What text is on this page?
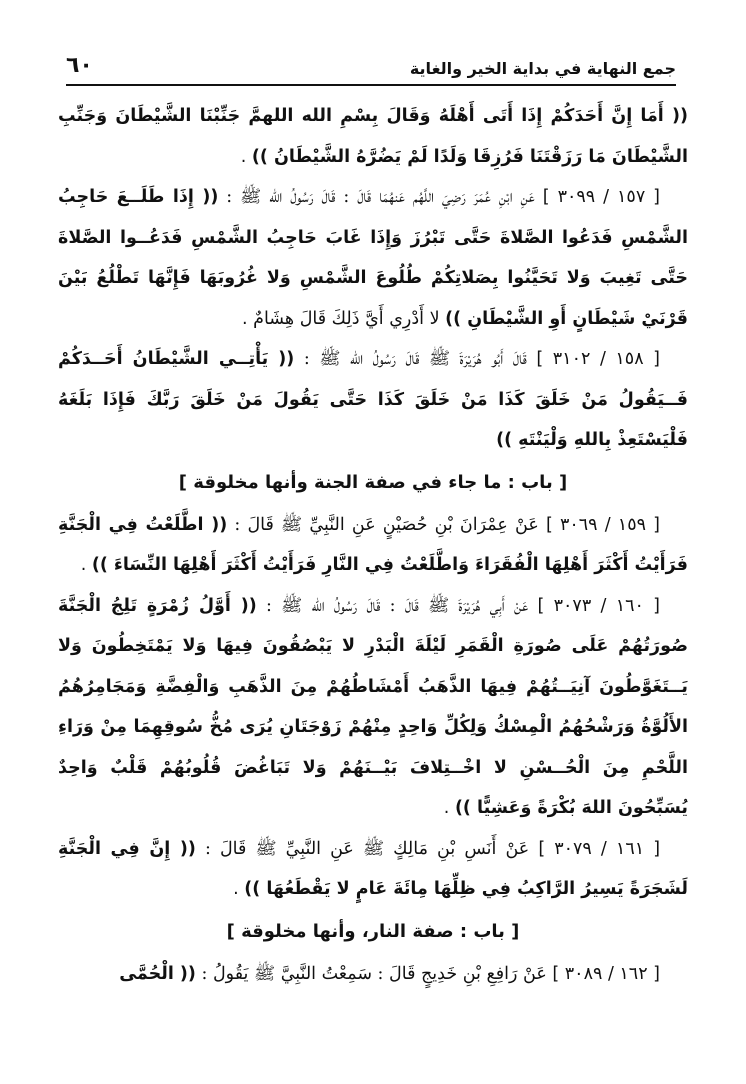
جمع النهاية في بداية الخير والغاية
٦٠

(( أَمَا إِنَّ أَحَدَكُمْ إِذَا أَتَى أَهْلَهُ وَقَالَ بِسْمِ الله اللهمَّ جَنِّبْنَا الشَّيْطَانَ وَجَنِّبِ الشَّيْطَانَ مَا رَزَقْتَنَا فَرُزِقَا وَلَدًا لَمْ يَضُرَّهُ الشَّيْطَانُ )) .

[ ١٥٧ / ٣٠٩٩ ] عَنِ ابْنِ عُمَرَ رَضِيَ اللَّهُم عَنهُمَا قَالَ : قَالَ رَسُولُ الله ﷺ : (( إِذَا طَلَــعَ حَاجِبُ الشَّمْسِ فَدَعُوا الصَّلاةَ حَتَّى تَبْرُزَ وَإِذَا غَابَ حَاجِبُ الشَّمْسِ فَدَعُــوا الصَّلاةَ حَتَّى تَغِيبَ وَلا تَحَيَّنُوا بِصَلاتِكُمْ طُلُوعَ الشَّمْسِ وَلا غُرُوبَهَا فَإِنَّهَا تَطْلُعُ بَيْنَ قَرْنَيْ شَيْطَانٍ أَوِ الشَّيْطَانِ )) لا أَدْرِي أَيَّ ذَلِكَ قَالَ هِشَامٌ .

[ ١٥٨ / ٣١٠٢ ] قَالَ أَبُو هُرَيْرَةَ ﷺ قَالَ رَسُولُ الله ﷺ : (( يَأْتِــي الشَّيْطَانُ أَحَــدَكُمْ فَــيَقُولُ مَنْ خَلَقَ كَذَا مَنْ خَلَقَ كَذَا حَتَّى يَقُولَ مَنْ خَلَقَ رَبَّكَ فَإِذَا بَلَغَهُ فَلْيَسْتَعِذْ بِاللهِ وَلْيَنْتَهِ ))

[ باب : ما جاء في صفة الجنة وأنها مخلوقة ]

[ ١٥٩ / ٣٠٦٩ ] عَنْ عِمْرَانَ بْنِ حُصَيْنٍ عَنِ النَّبِيِّ ﷺ قَالَ : (( اطَّلَعْتُ فِي الْجَنَّةِ فَرَأَيْتُ أَكْثَرَ أَهْلِهَا الْفُقَرَاءَ وَاطَّلَعْتُ فِي النَّارِ فَرَأَيْتُ أَكْثَرَ أَهْلِهَا النِّسَاءَ )) .

[ ١٦٠ / ٣٠٧٣ ] عَنْ أَبِي هُرَيْرَةَ ﷺ قَالَ : قَالَ رَسُولُ الله ﷺ : (( أَوَّلُ زُمْرَةٍ تَلِجُ الْجَنَّةَ صُورَتُهُمْ عَلَى صُورَةِ الْقَمَرِ لَيْلَةَ الْبَدْرِ لا يَبْصُقُونَ فِيهَا وَلا يَمْتَخِطُونَ وَلا يَــتَغَوَّطُونَ آنِيَــتُهُمْ فِيهَا الذَّهَبُ أَمْشَاطُهُمْ مِنَ الذَّهَبِ وَالْفِضَّةِ وَمَجَامِرُهُمُ الأَلُوَّةُ وَرَشْحُهُمُ الْمِسْكُ وَلِكُلِّ وَاحِدٍ مِنْهُمْ زَوْجَتَانِ يُرَى مُخُّ سُوقِهِمَا مِنْ وَرَاءِ اللَّحْمِ مِنَ الْحُــسْنِ لا اخْــتِلافَ بَيْــنَهُمْ وَلا تَبَاغُضَ قُلُوبُهُمْ قَلْبٌ وَاحِدٌ يُسَبِّحُونَ اللهَ بُكْرَةً وَعَشِيًّا )) .

[ ١٦١ / ٣٠٧٩ ] عَنْ أَنَسِ بْنِ مَالِكٍ ﷺ عَنِ النَّبِيِّ ﷺ قَالَ : (( إِنَّ فِي الْجَنَّةِ لَشَجَرَةً يَسِيرُ الرَّاكِبُ فِي ظِلِّهَا مِائَةَ عَامٍ لا يَقْطَعُهَا )) .

[ باب : صفة النار، وأنها مخلوقة ]

[ ١٦٢ / ٣٠٨٩ ] عَنْ رَافِعِ بْنِ خَدِيجٍ قَالَ : سَمِعْتُ النَّبِيَّ ﷺ يَقُولُ : (( الْحُمَّى
